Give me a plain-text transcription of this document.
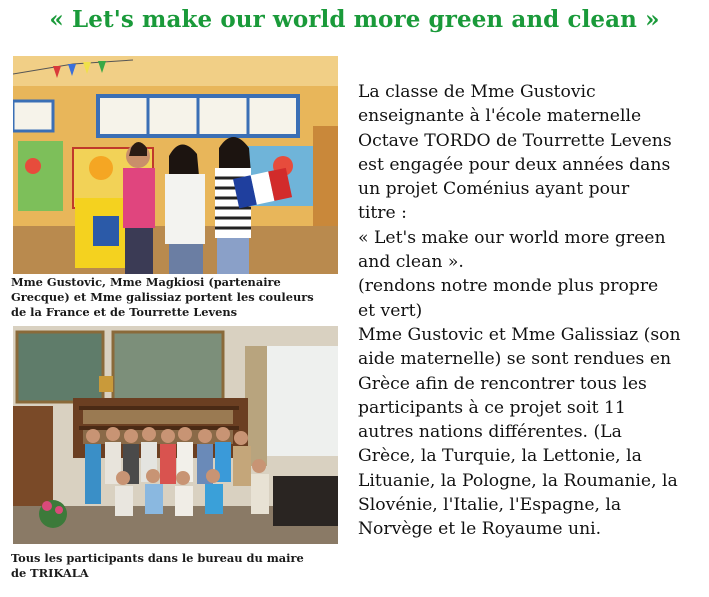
« Let's make our world more green and clean »
Mme Gustovic, Mme Magkiosi (partenaire
Grecque) et Mme galissiaz portent les couleurs
de la France et de Tourrette Levens
Tous les participants dans le bureau du maire
de TRIKALA
La classe de Mme Gustovic
enseignante à l'école maternelle
Octave TORDO de Tourrette Levens
est engagée pour deux années dans
un projet Coménius ayant pour
titre :
« Let's make our world more green
and clean ».
(rendons notre monde plus propre
et vert)
Mme Gustovic et Mme Galissiaz (son
aide maternelle) se sont rendues en
Grèce afin de rencontrer tous les
participants à ce projet soit 11
autres nations différentes. (La
Grèce, la Turquie, la Lettonie, la
Lituanie, la Pologne, la Roumanie, la
Slovénie, l'Italie, l'Espagne, la
Norvège et le Royaume uni.
